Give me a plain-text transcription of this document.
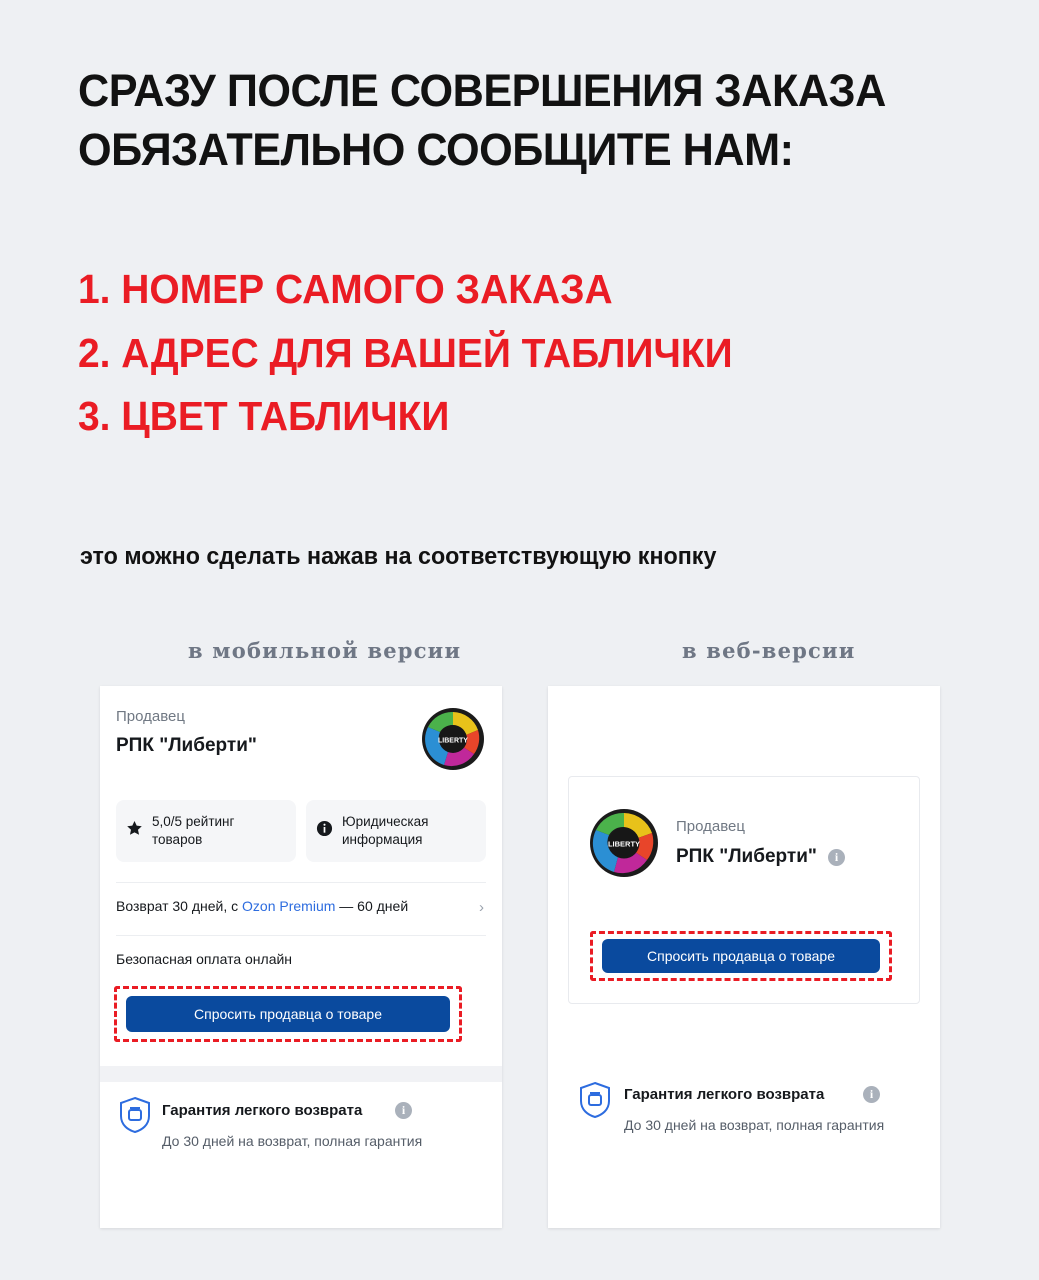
СРАЗУ ПОСЛЕ СОВЕРШЕНИЯ ЗАКАЗА
ОБЯЗАТЕЛЬНО СООБЩИТЕ НАМ:
1. НОМЕР САМОГО ЗАКАЗА
2. АДРЕС ДЛЯ ВАШЕЙ ТАБЛИЧКИ
3. ЦВЕТ ТАБЛИЧКИ
это можно сделать нажав на соответствующую кнопку
в мобильной версии	в веб-версии
Продавец
РПК "Либерти"	LIBERTY
5,0/5 рейтинг
товаров
Юридическая
информация
Возврат 30 дней, с Ozon Premium — 60 дней	›
Безопасная оплата онлайн
Спросить продавца о товаре
Гарантия легкого возврата	i
До 30 дней на возврат, полная гарантия
LIBERTY
Продавец
РПК "Либерти"	i
Спросить продавца о товаре
Гарантия легкого возврата	i
До 30 дней на возврат, полная гарантия
